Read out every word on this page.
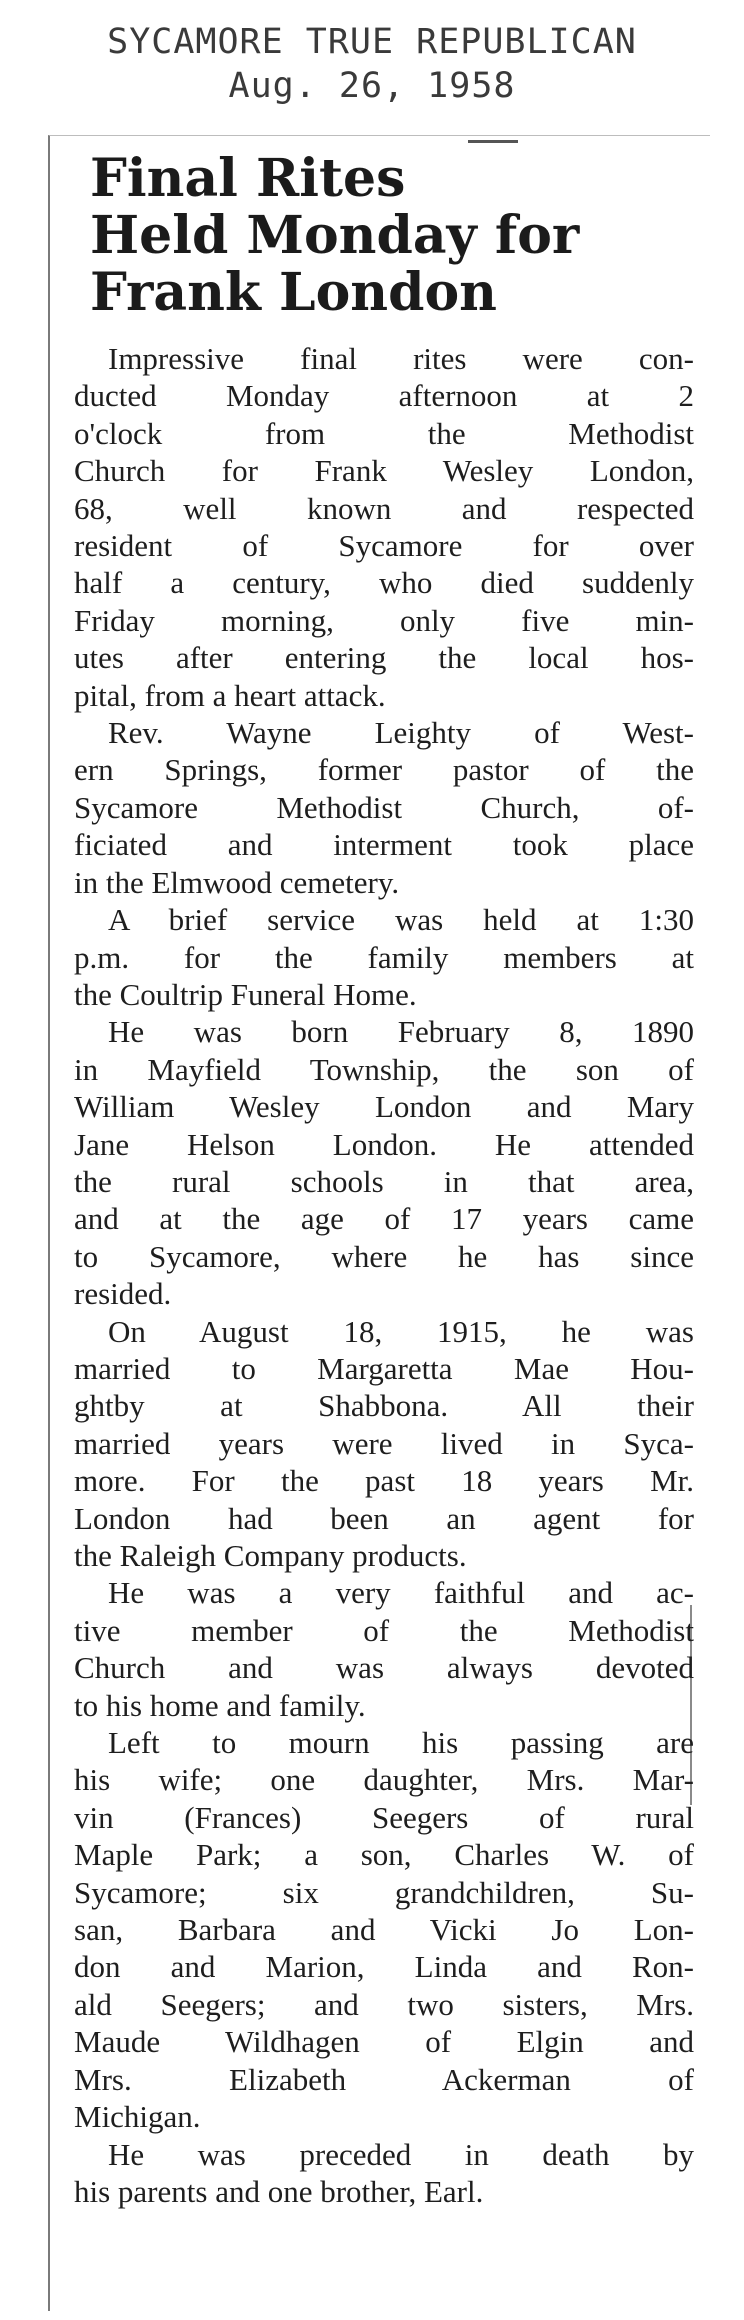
SYCAMORE TRUE REPUBLICAN
Aug. 26, 1958
Final Rites
Held Monday for
Frank London

Impressive final rites were con-

ducted Monday afternoon at 2

o'clock from the Methodist

Church for Frank Wesley London,

68, well known and respected

resident of Sycamore for over

half a century, who died suddenly

Friday morning, only five min-

utes after entering the local hos-

pital, from a heart attack.

Rev. Wayne Leighty of West-

ern Springs, former pastor of the

Sycamore Methodist Church, of-

ficiated and interment took place

in the Elmwood cemetery.

A brief service was held at 1:30

p.m. for the family members at

the Coultrip Funeral Home.

He was born February 8, 1890

in Mayfield Township, the son of

William Wesley London and Mary

Jane Helson London. He attended

the rural schools in that area,

and at the age of 17 years came

to Sycamore, where he has since

resided.

On August 18, 1915, he was

married to Margaretta Mae Hou-

ghtby at Shabbona. All their

married years were lived in Syca-

more. For the past 18 years Mr.

London had been an agent for

the Raleigh Company products.

He was a very faithful and ac-

tive member of the Methodist

Church and was always devoted

to his home and family.

Left to mourn his passing are

his wife; one daughter, Mrs. Mar-

vin (Frances) Seegers of rural

Maple Park; a son, Charles W. of

Sycamore; six grandchildren, Su-

san, Barbara and Vicki Jo Lon-

don and Marion, Linda and Ron-

ald Seegers; and two sisters, Mrs.

Maude Wildhagen of Elgin and

Mrs. Elizabeth Ackerman of

Michigan.

He was preceded in death by

his parents and one brother, Earl.
